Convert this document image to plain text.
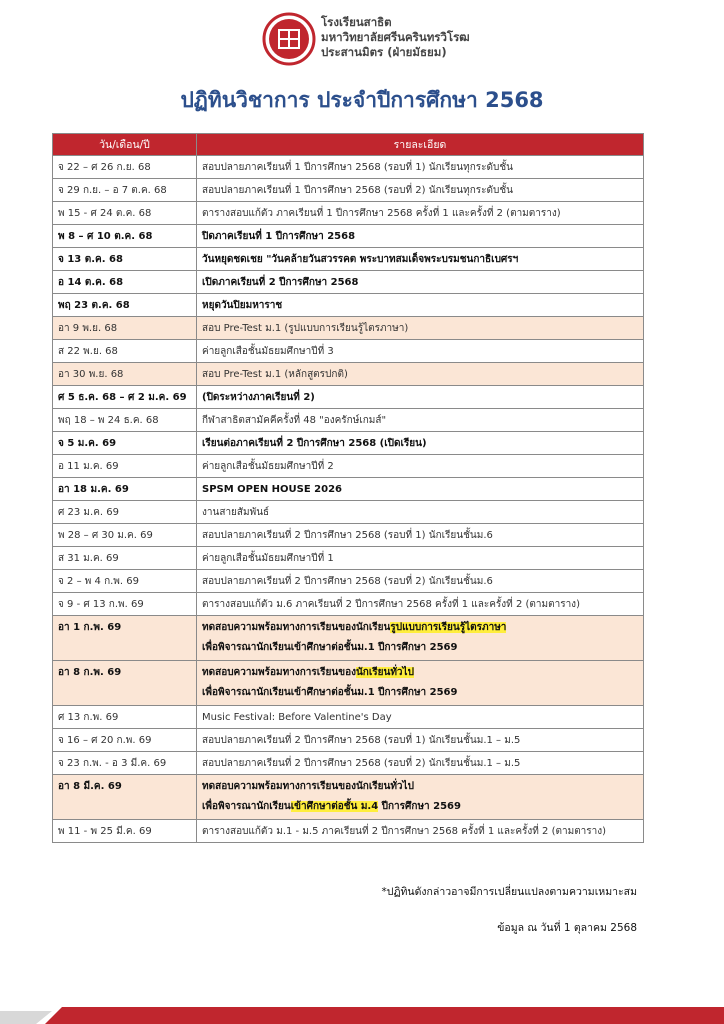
โรงเรียนสาธิต
มหาวิทยาลัยศรีนครินทรวิโรฒ
ประสานมิตร (ฝ่ายมัธยม)
ปฏิทินวิชาการ ประจำปีการศึกษา 2568
วัน/เดือน/ปี	รายละเอียด
จ 22 – ศ 26 ก.ย. 68	สอบปลายภาคเรียนที่ 1 ปีการศึกษา 2568 (รอบที่ 1) นักเรียนทุกระดับชั้น
จ 29 ก.ย. – อ 7 ต.ค. 68	สอบปลายภาคเรียนที่ 1 ปีการศึกษา 2568 (รอบที่ 2) นักเรียนทุกระดับชั้น
พ 15 - ศ 24 ต.ค. 68	ตารางสอบแก้ตัว ภาคเรียนที่ 1 ปีการศึกษา 2568 ครั้งที่ 1 และครั้งที่ 2 (ตามตาราง)
พ 8 – ศ 10 ต.ค. 68	ปิดภาคเรียนที่ 1 ปีการศึกษา 2568
จ 13 ต.ค. 68	วันหยุดชดเชย "วันคล้ายวันสวรรคต พระบาทสมเด็จพระบรมชนกาธิเบศรฯ
อ 14 ต.ค. 68	เปิดภาคเรียนที่ 2 ปีการศึกษา 2568
พฤ 23 ต.ค. 68	หยุดวันปิยมหาราช
อา 9 พ.ย. 68	สอบ Pre-Test ม.1 (รูปแบบการเรียนรู้ไตรภาษา)
ส 22 พ.ย. 68	ค่ายลูกเสือชั้นมัธยมศึกษาปีที่ 3
อา 30 พ.ย. 68	สอบ Pre-Test ม.1 (หลักสูตรปกติ)
ศ 5 ธ.ค. 68 – ศ 2 ม.ค. 69	(ปิดระหว่างภาคเรียนที่ 2)
พฤ 18 – พ 24 ธ.ค. 68	กีฬาสาธิตสามัคคีครั้งที่ 48 "องครักษ์เกมส์"
จ 5 ม.ค. 69	เรียนต่อภาคเรียนที่ 2 ปีการศึกษา 2568 (เปิดเรียน)
อ 11 ม.ค. 69	ค่ายลูกเสือชั้นมัธยมศึกษาปีที่ 2
อา 18 ม.ค. 69	SPSM OPEN HOUSE 2026
ศ 23 ม.ค. 69	งานสายสัมพันธ์
พ 28 – ศ 30 ม.ค. 69	สอบปลายภาคเรียนที่ 2 ปีการศึกษา 2568 (รอบที่ 1) นักเรียนชั้นม.6
ส 31 ม.ค. 69	ค่ายลูกเสือชั้นมัธยมศึกษาปีที่ 1
จ 2 – พ 4 ก.พ. 69	สอบปลายภาคเรียนที่ 2 ปีการศึกษา 2568 (รอบที่ 2) นักเรียนชั้นม.6
จ 9 - ศ 13 ก.พ. 69	ตารางสอบแก้ตัว ม.6 ภาคเรียนที่ 2 ปีการศึกษา 2568 ครั้งที่ 1 และครั้งที่ 2 (ตามตาราง)
อา 1 ก.พ. 69	ทดสอบความพร้อมทางการเรียนของนักเรียนรูปแบบการเรียนรู้ไตรภาษา
เพื่อพิจารณานักเรียนเข้าศึกษาต่อชั้นม.1 ปีการศึกษา 2569

อา 8 ก.พ. 69	ทดสอบความพร้อมทางการเรียนของนักเรียนทั่วไป
เพื่อพิจารณานักเรียนเข้าศึกษาต่อชั้นม.1 ปีการศึกษา 2569

ศ 13 ก.พ. 69	Music Festival: Before Valentine's Day
จ 16 – ศ 20 ก.พ. 69	สอบปลายภาคเรียนที่ 2 ปีการศึกษา 2568 (รอบที่ 1) นักเรียนชั้นม.1 – ม.5
จ 23 ก.พ. - อ 3 มี.ค. 69	สอบปลายภาคเรียนที่ 2 ปีการศึกษา 2568 (รอบที่ 2) นักเรียนชั้นม.1 – ม.5
อา 8 มี.ค. 69	ทดสอบความพร้อมทางการเรียนของนักเรียนทั่วไป
เพื่อพิจารณานักเรียนเข้าศึกษาต่อชั้น ม.4 ปีการศึกษา 2569

พ 11 - พ 25 มี.ค. 69	ตารางสอบแก้ตัว ม.1 - ม.5 ภาคเรียนที่ 2 ปีการศึกษา 2568 ครั้งที่ 1 และครั้งที่ 2 (ตามตาราง)
*ปฏิทินดังกล่าวอาจมีการเปลี่ยนแปลงตามความเหมาะสม
ข้อมูล ณ วันที่ 1 ตุลาคม 2568
